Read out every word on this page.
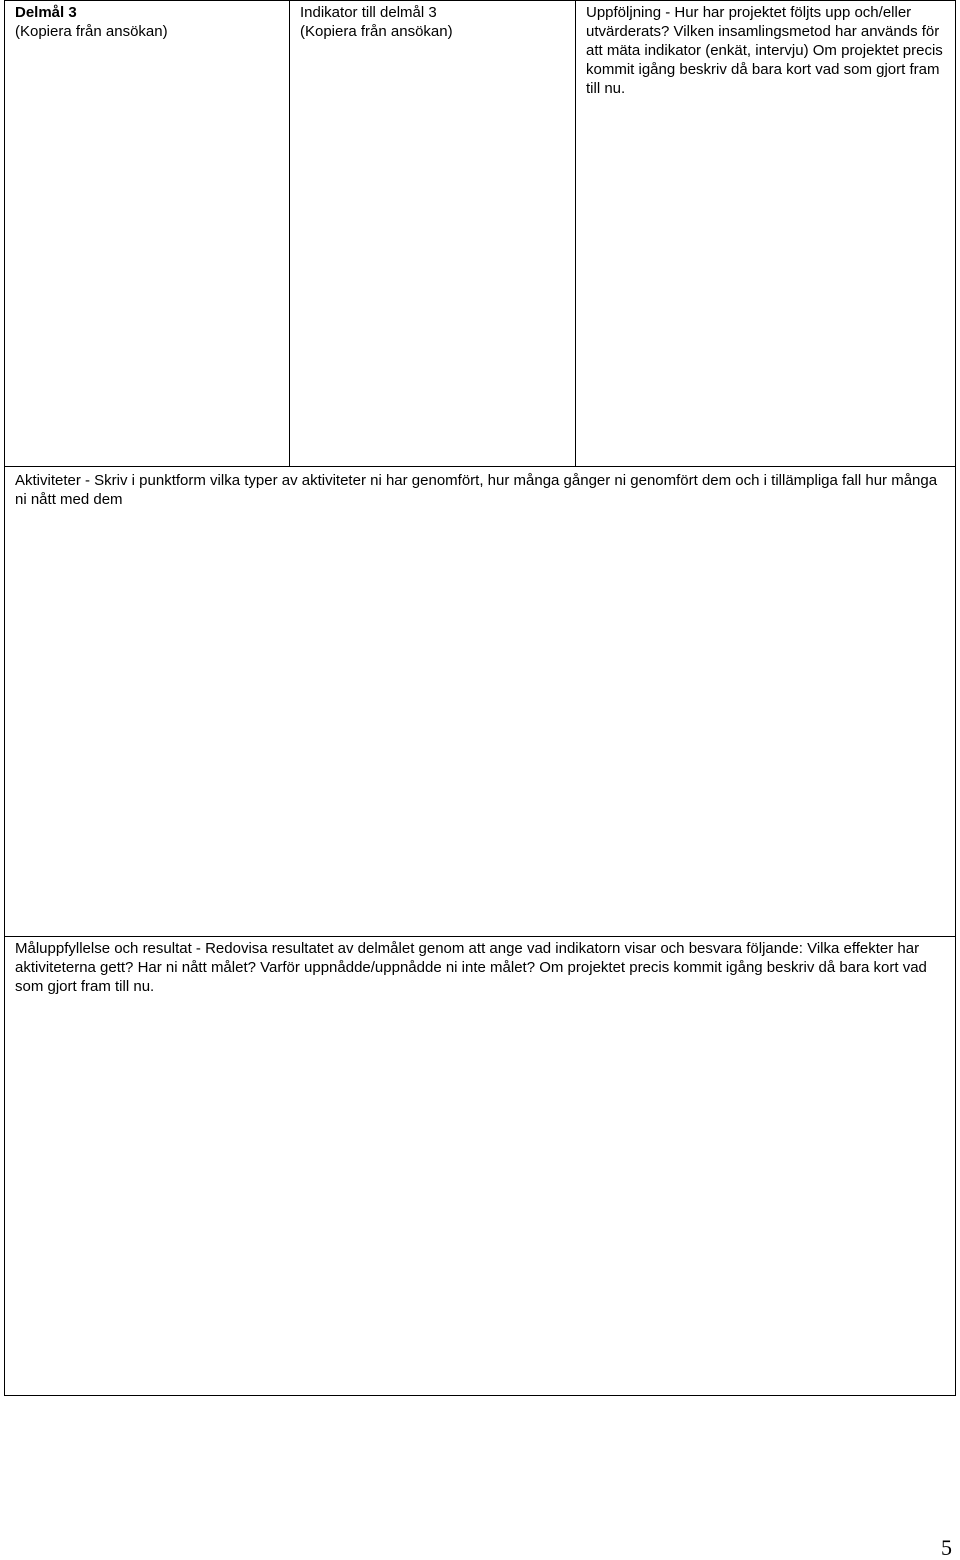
Delmål 3
(Kopiera från ansökan)
Indikator till delmål 3
(Kopiera från ansökan)
Uppföljning - Hur har projektet följts upp och/eller utvärderats? Vilken insamlingsmetod har används för att mäta indikator (enkät, intervju) Om projektet precis kommit igång beskriv då bara kort vad som gjort fram till nu.
Aktiviteter - Skriv i punktform vilka typer av aktiviteter ni har genomfört, hur många gånger ni genomfört dem och i tillämpliga fall hur många ni nått med dem
Måluppfyllelse och resultat - Redovisa resultatet av delmålet genom att ange vad indikatorn visar och besvara följande: Vilka effekter har aktiviteterna gett? Har ni nått målet? Varför uppnådde/uppnådde ni inte målet? Om projektet precis kommit igång beskriv då bara kort vad som gjort fram till nu.
5
